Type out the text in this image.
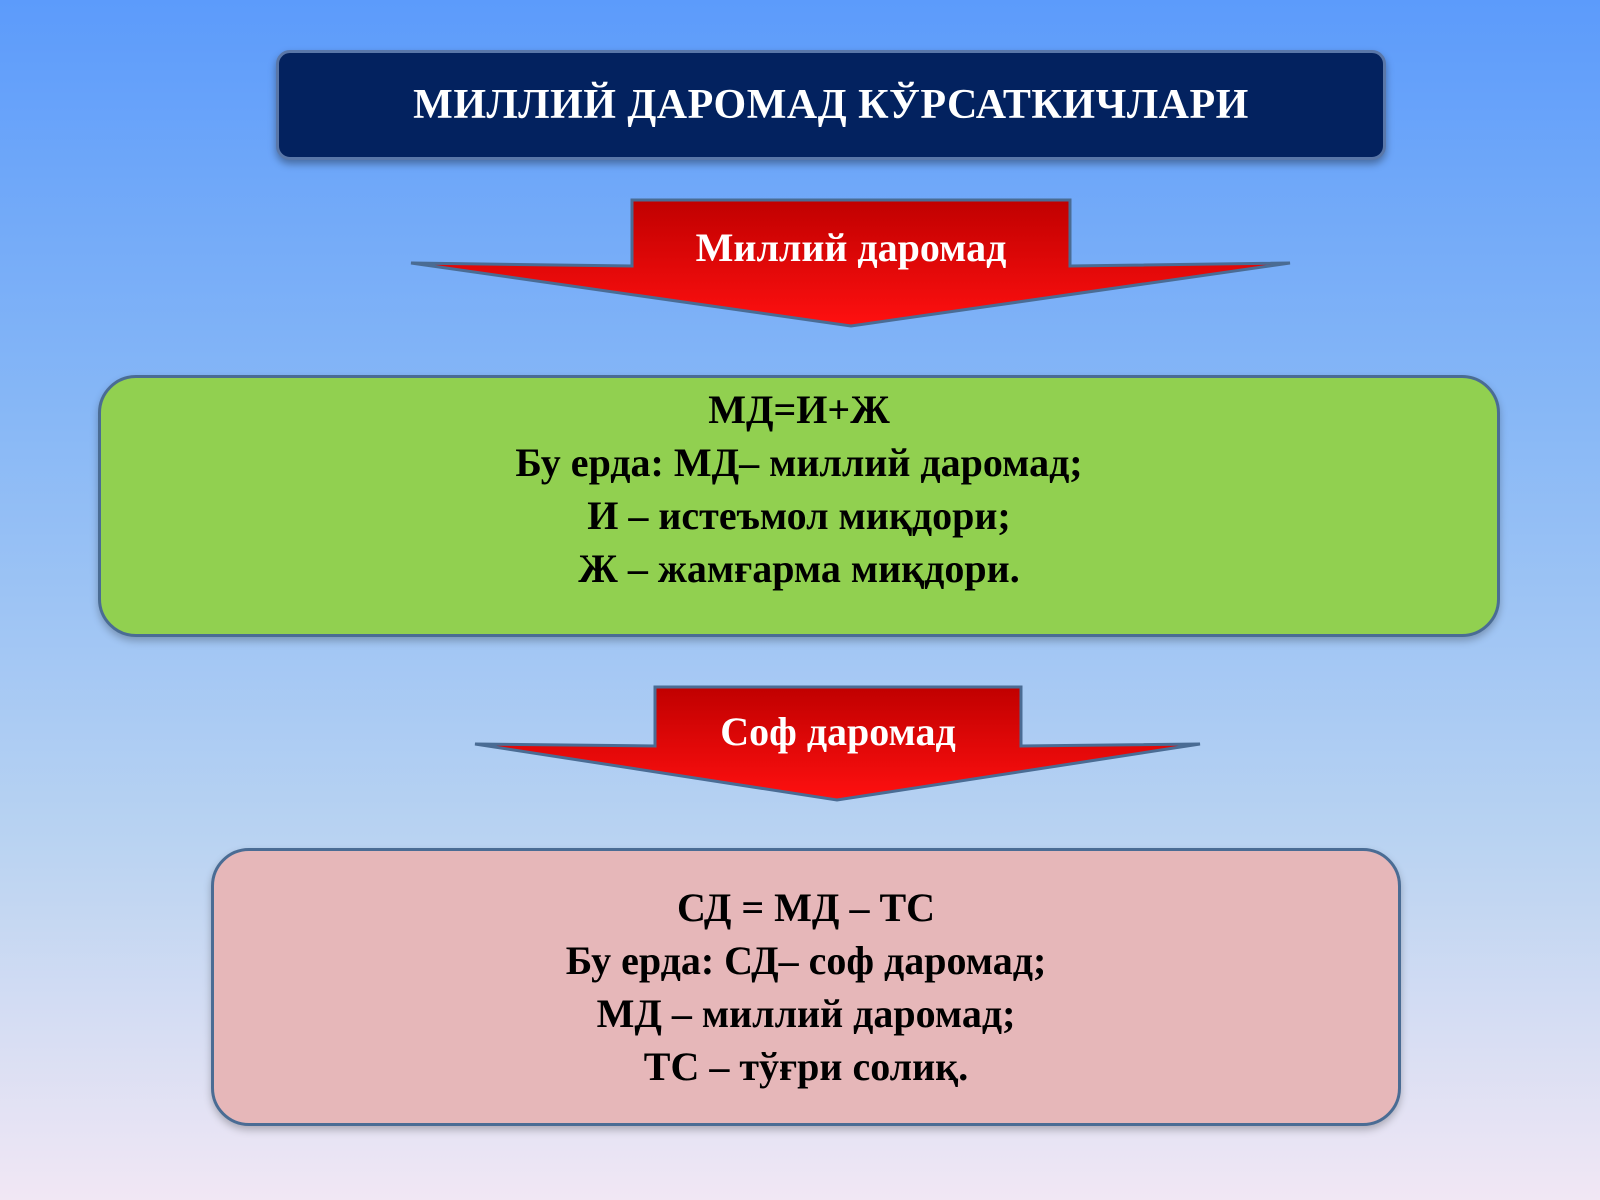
МИЛЛИЙ ДАРОМАД КЎРСАТКИЧЛАРИ
Миллий даромад
Соф даромад
МД=И+Ж
Бу ерда: МД– миллий даромад;
И – истеъмол миқдори;
Ж – жамғарма миқдори.
СД = МД – ТС
Бу ерда: СД– соф даромад;
МД – миллий даромад;
ТС – тўғри солиқ.
